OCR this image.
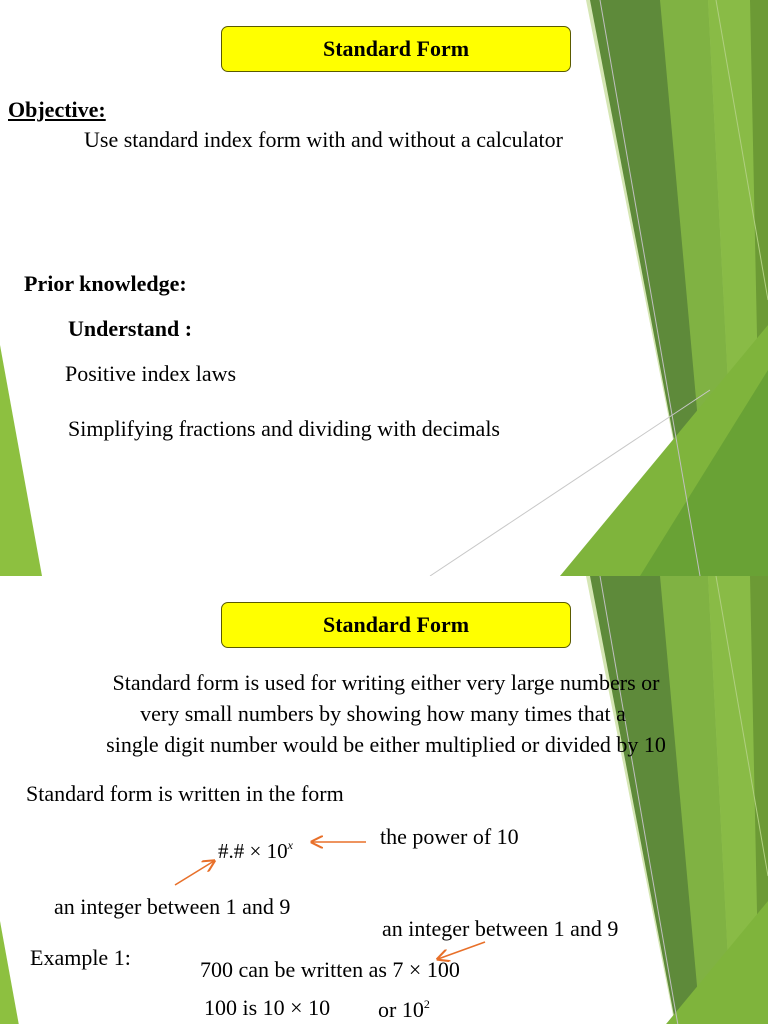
Standard Form
Objective:
Use standard index form with and without a calculator
Prior knowledge:
Understand :
Positive index laws
Simplifying fractions and dividing with decimals
Standard Form
Standard form is used for writing either very large numbers or
very small numbers by showing how many times that a
single digit number would be either multiplied or divided by 10
Standard form is written in the form
#.# × $10^x$	the power of 10
an integer between 1 and 9
an integer between 1 and 9
Example 1:	700 can be written as 7 × 100
100 is 10 × 10 or $10^2$
